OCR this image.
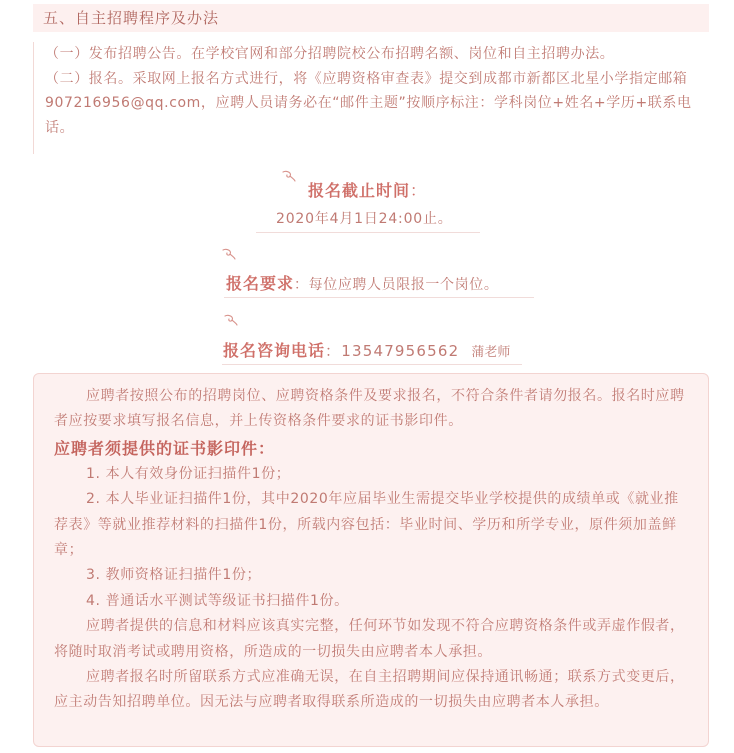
五、自主招聘程序及办法

（一）发布招聘公告。在学校官网和部分招聘院校公布招聘名额、岗位和自主招聘办法。

（二）报名。采取网上报名方式进行，将《应聘资格审查表》提交到成都市新都区北星小学指定邮箱907216956@qq.com，应聘人员请务必在“邮件主题”按顺序标注：学科岗位+姓名+学历+联系电话。

报名截止时间：
2020年4月1日24:00止。
报名要求：每位应聘人员限报一个岗位。
报名咨询电话：13547956562 蒲老师

应聘者按照公布的招聘岗位、应聘资格条件及要求报名，不符合条件者请勿报名。报名时应聘者应按要求填写报名信息，并上传资格条件要求的证书影印件。

应聘者须提供的证书影印件：

1. 本人有效身份证扫描件1份；

2. 本人毕业证扫描件1份，其中2020年应届毕业生需提交毕业学校提供的成绩单或《就业推荐表》等就业推荐材料的扫描件1份，所载内容包括：毕业时间、学历和所学专业，原件须加盖鲜章；

3. 教师资格证扫描件1份；

4. 普通话水平测试等级证书扫描件1份。

应聘者提供的信息和材料应该真实完整，任何环节如发现不符合应聘资格条件或弄虚作假者，将随时取消考试或聘用资格，所造成的一切损失由应聘者本人承担。

应聘者报名时所留联系方式应准确无误，在自主招聘期间应保持通讯畅通；联系方式变更后，应主动告知招聘单位。因无法与应聘者取得联系所造成的一切损失由应聘者本人承担。
